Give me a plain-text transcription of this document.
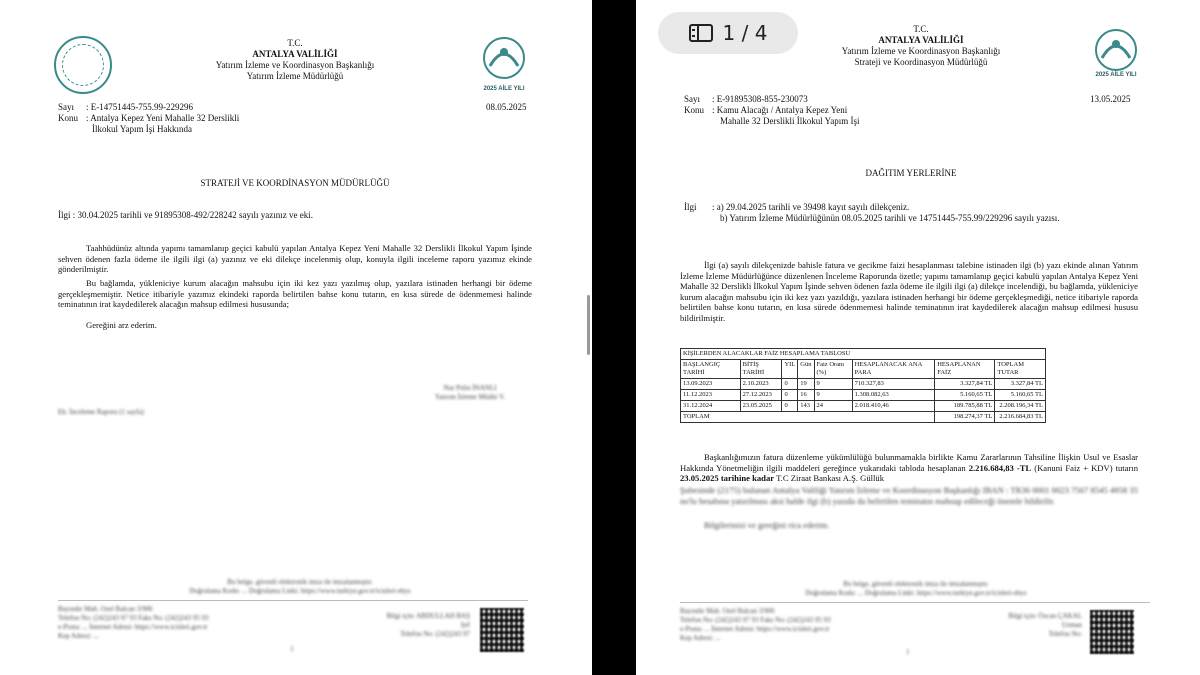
2025 AİLE YILI
T.C.
ANTALYA VALİLİĞİ
Yatırım İzleme ve Koordinasyon Başkanlığı
Yatırım İzleme Müdürlüğü
Sayı : E-14751445-755.99-229296	08.05.2025
Konu : Antalya Kepez Yeni Mahalle 32 Derslikli
İlkokul Yapım İşi Hakkında
STRATEJİ VE KOORDİNASYON MÜDÜRLÜĞÜ
İlgi : 30.04.2025 tarihli ve 91895308-492/228242 sayılı yazınız ve eki.
Taahhüdünüz altında yapımı tamamlanıp geçici kabulü yapılan Antalya Kepez Yeni Mahalle 32 Derslikli İlkokul Yapım İşinde sehven ödenen fazla ödeme ile ilgili ilgi (a) yazınız ve eki dilekçe incelenmiş olup, konuyla ilgili inceleme raporu yazımız ekinde gönderilmiştir.
Bu bağlamda, yükleniciye kurum alacağın mahsubu için iki kez yazı yazılmış olup, yazılara istinaden herhangi bir ödeme gerçekleşmemiştir. Netice itibariyle yazımız ekindeki raporda belirtilen bahse konu tutarın, en kısa sürede de ödenmemesi halinde teminatının irat kaydedilerek alacağın mahsup edilmesi hususunda;
Gereğini arz ederim.
Nur Pelin İNANLI
Yatırım İzleme Müdür V.
Ek: İnceleme Raporu (1 sayfa)
Bu belge, güvenli elektronik imza ile imzalanmıştır.
Doğrulama Kodu: ... Doğrulama Linki: https://www.turkiye.gov.tr/icisleri-ebys
Bayındır Mah. Ozel Balcan 3/906
Telefon No: (242)243 97 93 Faks No: (242)243 95 93
e-Posta: ... İnternet Adresi: https://www.icisleri.gov.tr
Kep Adresi: ...
Bilgi için: ABDULLAH BAŞ
Şef
Telefon No: (242)243 97
1
2025 AİLE YILI
T.C.
ANTALYA VALİLİĞİ
Yatırım İzleme ve Koordinasyon Başkanlığı
Strateji ve Koordinasyon Müdürlüğü
Sayı : E-91895308-855-230073	13.05.2025
Konu : Kamu Alacağı / Antalya Kepez Yeni
Mahalle 32 Derslikli İlkokul Yapım İşi
DAĞITIM YERLERİNE
İlgi : a) 29.04.2025 tarihli ve 39498 kayıt sayılı dilekçeniz.
b) Yatırım İzleme Müdürlüğünün 08.05.2025 tarihli ve 14751445-755.99/229296 sayılı yazısı.
İlgi (a) sayılı dilekçenizde bahisle fatura ve gecikme faizi hesaplanması talebine istinaden ilgi (b) yazı ekinde alınan Yatırım İzleme İzleme Müdürlüğünce düzenlenen İnceleme Raporunda özetle; yapımı tamamlanıp geçici kabulü yapılan Antalya Kepez Yeni Mahalle 32 Derslikli İlkokul Yapım İşinde sehven ödenen fazla ödeme ile ilgili ilgi (a) dilekçe incelendiği, bu bağlamda, yükleniciye kurum alacağın mahsubu için iki kez yazı yazıldığı, yazılara istinaden herhangi bir ödeme gerçekleşmediği, netice itibariyle raporda belirtilen bahse konu tutarın, en kısa sürede ödenmemesi halinde teminatının irat kaydedilerek alacağın mahsup edilmesi hususu bildirilmiştir.
KİŞİLERDEN ALACAKLAR FAİZ HESAPLAMA TABLOSU							
BAŞLANGIÇ TARİHİ	BİTİŞ TARİHİ	YIL	Gün	Faiz Oranı (%)	HESAPLANACAK ANA PARA	HESAPLANAN FAİZ	TOPLAM TUTAR
13.09.2023	2.10.2023	0	19	9	710.327,83	3.327,84 TL	3.327,84 TL
11.12.2023	27.12.2023	0	16	9	1.308.082,63	5.160,65 TL	5.160,65 TL
31.12.2024	23.05.2025	0	143	24	2.018.410,46	189.785,88 TL	2.208.196,34 TL
TOPLAM						198.274,37 TL	2.216.684,83 TL
Başkanlığımızın fatura düzenleme yükümlülüğü bulunmamakla birlikte Kamu Zararlarının Tahsiline İlişkin Usul ve Esaslar Hakkında Yönetmeliğin ilgili maddeleri gereğince yukarıdaki tabloda hesaplanan 2.216.684,83 -TL (Kanuni Faiz + KDV) tutarın 23.05.2025 tarihine kadar T.C Ziraat Bankası A.Ş. Güllük
Şubesinde (2175) bulunan Antalya Valiliği Yatırım İzleme ve Koordinasyon Başkanlığı IBAN : TR36 0001 0023 7567 8545 4958 35 no'lu hesabına yatırılması aksi halde ilgi (b) yazıda da belirtilen teminatın mahsup edileceği önemle bildirilir.
Bilgilerinizi ve gereğini rica ederim.
Bu belge, güvenli elektronik imza ile imzalanmıştır.
Doğrulama Kodu: ... Doğrulama Linki: https://www.turkiye.gov.tr/icisleri-ebys
Bayındır Mah. Ozel Balcan 3/906
Telefon No: (242)243 97 93 Faks No: (242)243 95 93
e-Posta: ... İnternet Adresi: https://www.icisleri.gov.tr
Kep Adresi: ...
Bilgi için: Özcan ÇAKAL
Uzman
Telefon No:
1
1 / 4
